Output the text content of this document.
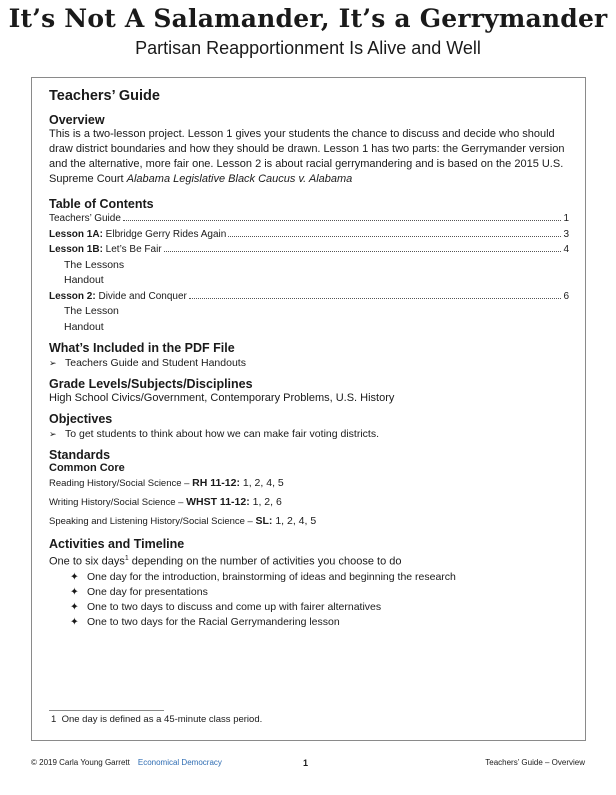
It’s Not A Salamander, It’s a Gerrymander
Partisan Reapportionment Is Alive and Well
Teachers’ Guide
Overview

This is a two-lesson project. Lesson 1 gives your students the chance to discuss and decide who should draw district boundaries and how they should be drawn. Lesson 1 has two parts: the Gerrymander version and the alternative, more fair one. Lesson 2 is about racial gerrymandering and is based on the 2015 U.S. Supreme Court Alabama Legislative Black Caucus v. Alabama

Table of Contents
Teachers’ Guide	1
Lesson 1A: Elbridge Gerry Rides Again	3
Lesson 1B: Let’s Be Fair	4
The Lessons
Handout
Lesson 2: Divide and Conquer	6
The Lesson
Handout
What’s Included in the PDF File
➢ Teachers Guide and Student Handouts
Grade Levels/Subjects/Disciplines

High School Civics/Government, Contemporary Problems, U.S. History

Objectives
➢ To get students to think about how we can make fair voting districts.
Standards
Common Core
Reading History/Social Science – RH 11-12: 1, 2, 4, 5
Writing History/Social Science – WHST 11-12: 1, 2, 6
Speaking and Listening History/Social Science – SL: 1, 2, 4, 5
Activities and Timeline

One to six days$^1$ depending on the number of activities you choose to do

✦ One day for the introduction, brainstorming of ideas and beginning the research
✦ One day for presentations
✦ One to two days to discuss and come up with fairer alternatives
✦ One to two days for the Racial Gerrymandering lesson
1 One day is defined as a 45-minute class period.
© 2019 Carla Young Garrett Economical Democracy	1	Teachers’ Guide – Overview
